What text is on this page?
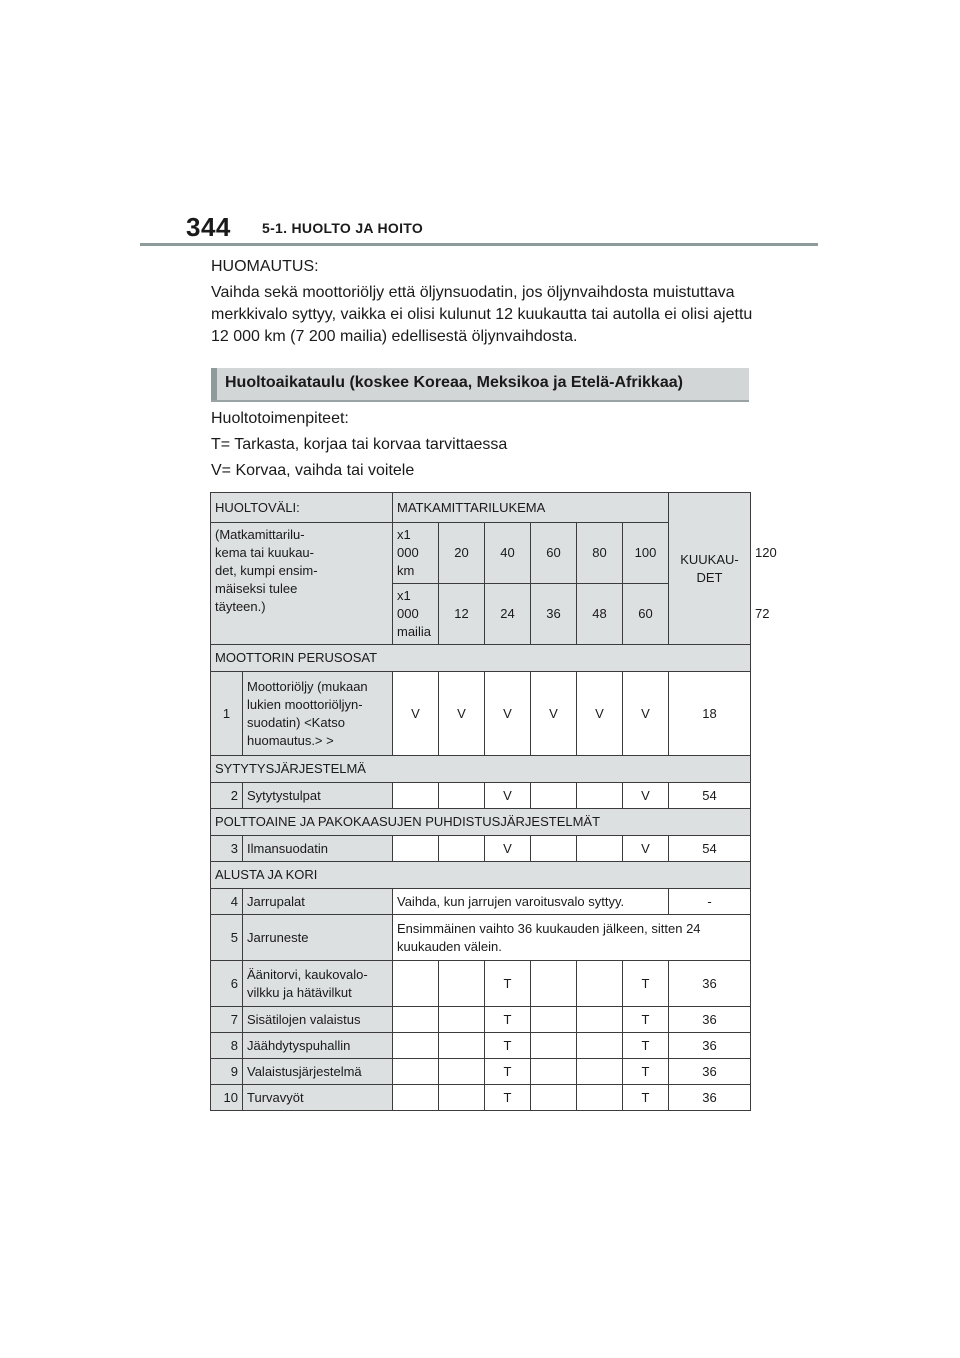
344 5-1. HUOLTO JA HOITO
HUOMAUTUS:
Vaihda sekä moottoriöljy että öljynsuodatin, jos öljynvaihdosta muistuttava merkkivalo syttyy, vaikka ei olisi kulunut 12 kuukautta tai autolla ei olisi ajettu 12 000 km (7 200 mailia) edellisestä öljynvaihdosta.
Huoltoaikataulu (koskee Koreaa, Meksikoa ja Etelä-Afrikkaa)
Huoltotoimenpiteet:
T= Tarkasta, korjaa tai korvaa tarvittaessa
V= Korvaa, vaihda tai voitele
HUOLTOVÄLI:		MATKAMITTARILUKEMA						KUUKAU- DET	

(Matkamittarilu- kema tai kuukau- det, kumpi ensim- mäiseksi tulee täyteen.)		x1 000 km	20	40	60	80	100		120
		x1 000 mailia	12	24	36	48	60		72
MOOTTORIN PERUSOSAT									
1	Moottoriöljy (mukaan lukien moottoriöljyn- suodatin) <Katso huomautus.> >	V	V	V	V	V	V	18	
SYTYTYSJÄRJESTELMÄ									
2	Sytytystulpat			V			V	54	
POLTTOAINE JA PAKOKAASUJEN PUHDISTUSJÄRJESTELMÄT									
3	Ilmansuodatin			V			V	54	
ALUSTA JA KORI									
4	Jarrupalat	Vaihda, kun jarrujen varoitusvalo syttyy.						-	
5	Jarruneste	Ensimmäinen vaihto 36 kuukauden jälkeen, sitten 24 kuukauden välein.							
6	Äänitorvi, kaukovalo- vilkku ja hätävilkut			T			T	36	
7	Sisätilojen valaistus			T			T	36	
8	Jäähdytyspuhallin			T			T	36	
9	Valaistusjärjestelmä			T			T	36	
10	Turvavyöt			T			T	36	
